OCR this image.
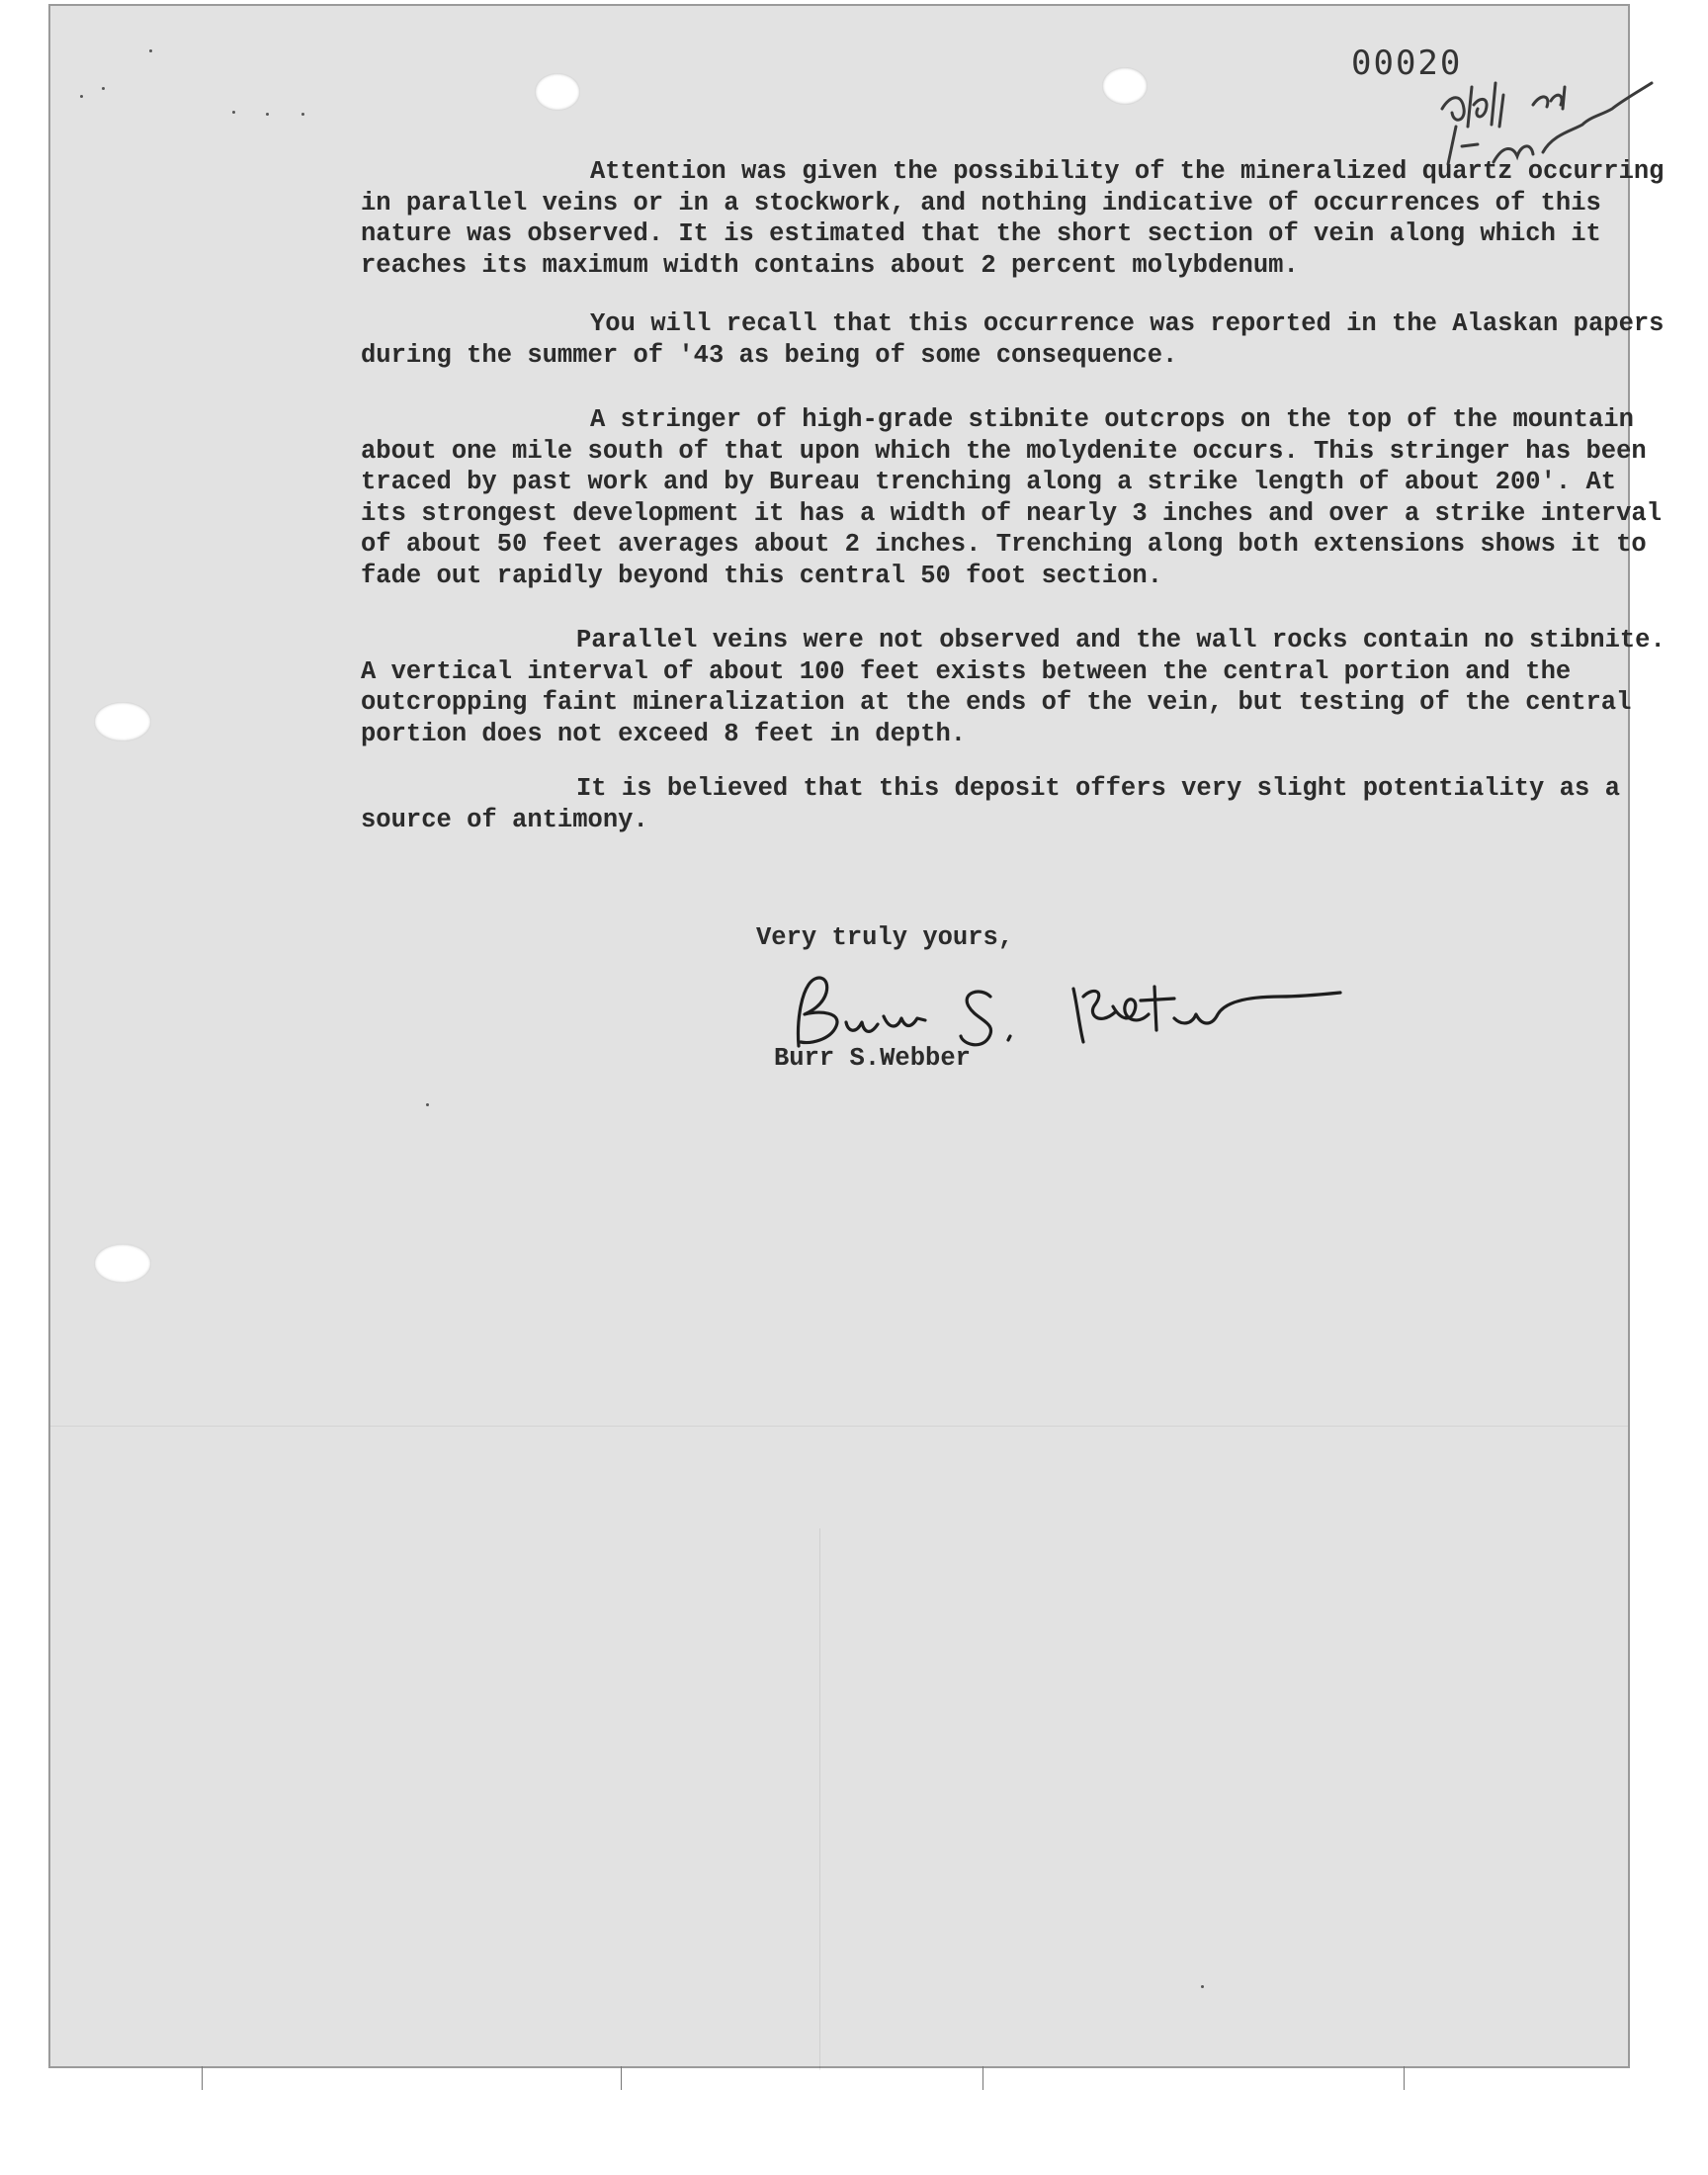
00020

Attention was given the possibility of the mineralized quartz occurring in parallel veins or in a stockwork, and nothing indicative of occurrences of this nature was observed. It is estimated that the short section of vein along which it reaches its maximum width contains about 2 percent molybdenum.

You will recall that this occurrence was reported in the Alaskan papers during the summer of '43 as being of some consequence.

A stringer of high-grade stibnite outcrops on the top of the mountain about one mile south of that upon which the molydenite occurs. This stringer has been traced by past work and by Bureau trenching along a strike length of about 200'. At its strongest development it has a width of nearly 3 inches and over a strike interval of about 50 feet averages about 2 inches. Trenching along both extensions shows it to fade out rapidly beyond this central 50 foot section.

Parallel veins were not observed and the wall rocks contain no stibnite. A vertical interval of about 100 feet exists between the central portion and the outcropping faint mineralization at the ends of the vein, but testing of the central portion does not exceed 8 feet in depth.

It is believed that this deposit offers very slight potentiality as a source of antimony.

Very truly yours,

Burr S.Webber
